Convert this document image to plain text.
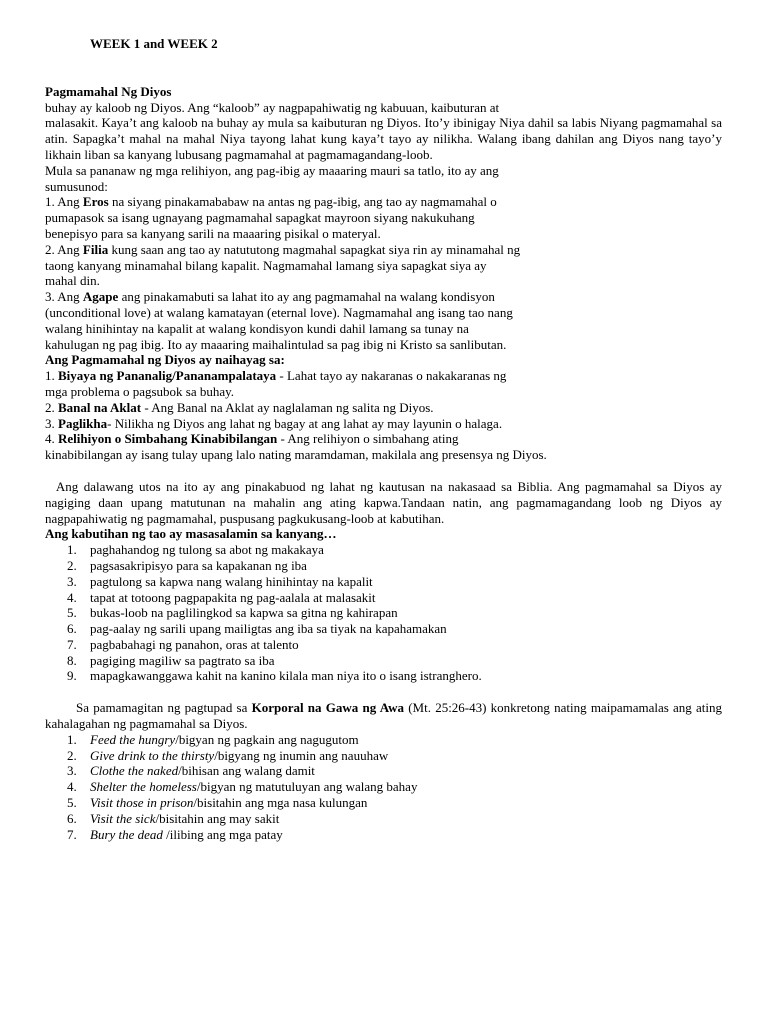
WEEK 1 and WEEK 2
Pagmamahal Ng Diyos
buhay ay kaloob ng Diyos. Ang “kaloob” ay nagpapahiwatig ng kabuuan, kaibuturan at
malasakit. Kaya’t ang kaloob na buhay ay mula sa kaibuturan ng Diyos. Ito’y ibinigay Niya dahil sa labis Niyang pagmamahal sa atin. Sapagka’t mahal na mahal Niya tayong lahat kung kaya’t tayo ay nilikha. Walang ibang dahilan ang Diyos nang tayo’y likhain liban sa kanyang lubusang pagmamahal at pagmamagandang-loob.
Mula sa pananaw ng mga relihiyon, ang pag-ibig ay maaaring mauri sa tatlo, ito ay ang
sumusunod:
1. Ang Eros na siyang pinakamababaw na antas ng pag-ibig, ang tao ay nagmamahal o
pumapasok sa isang ugnayang pagmamahal sapagkat mayroon siyang nakukuhang
benepisyo para sa kanyang sarili na maaaring pisikal o materyal.
2. Ang Filia kung saan ang tao ay natututong magmahal sapagkat siya rin ay minamahal ng
taong kanyang minamahal bilang kapalit. Nagmamahal lamang siya sapagkat siya ay
mahal din.
3. Ang Agape ang pinakamabuti sa lahat ito ay ang pagmamahal na walang kondisyon
(unconditional love) at walang kamatayan (eternal love). Nagmamahal ang isang tao nang
walang hinihintay na kapalit at walang kondisyon kundi dahil lamang sa tunay na
kahulugan ng pag ibig. Ito ay maaaring maihalintulad sa pag ibig ni Kristo sa sanlibutan.
Ang Pagmamahal ng Diyos ay naihayag sa:
1. Biyaya ng Pananalig/Pananampalataya - Lahat tayo ay nakaranas o nakakaranas ng
mga problema o pagsubok sa buhay.
2. Banal na Aklat - Ang Banal na Aklat ay naglalaman ng salita ng Diyos.
3. Paglikha- Nilikha ng Diyos ang lahat ng bagay at ang lahat ay may layunin o halaga.
4. Relihiyon o Simbahang Kinabibilangan - Ang relihiyon o simbahang ating
kinabibilangan ay isang tulay upang lalo nating maramdaman, makilala ang presensya ng Diyos.
Ang dalawang utos na ito ay ang pinakabuod ng lahat ng kautusan na nakasaad sa Biblia. Ang pagmamahal sa Diyos ay nagiging daan upang matutunan na mahalin ang ating kapwa.Tandaan natin, ang pagmamagandang loob ng Diyos ay nagpapahiwatig ng pagmamahal, puspusang pagkukusang-loob at kabutihan.
Ang kabutihan ng tao ay masasalamin sa kanyang…
1. paghahandog ng tulong sa abot ng makakaya
2. pagsasakripisyo para sa kapakanan ng iba
3. pagtulong sa kapwa nang walang hinihintay na kapalit
4. tapat at totoong pagpapakita ng pag-aalala at malasakit
5. bukas-loob na paglilingkod sa kapwa sa gitna ng kahirapan
6. pag-aalay ng sarili upang mailigtas ang iba sa tiyak na kapahamakan
7. pagbabahagi ng panahon, oras at talento
8. pagiging magiliw sa pagtrato sa iba
9. mapagkawanggawa kahit na kanino kilala man niya ito o isang istranghero.
Sa pamamagitan ng pagtupad sa Korporal na Gawa ng Awa (Mt. 25:26-43) konkretong nating maipamamalas ang ating kahalagahan ng pagmamahal sa Diyos.
1. Feed the hungry/bigyan ng pagkain ang nagugutom
2. Give drink to the thirsty/bigyang ng inumin ang nauuhaw
3. Clothe the naked/bihisan ang walang damit
4. Shelter the homeless/bigyan ng matutuluyan ang walang bahay
5. Visit those in prison/bisitahin ang mga nasa kulungan
6. Visit the sick/bisitahin ang may sakit
7. Bury the dead /ilibing ang mga patay
